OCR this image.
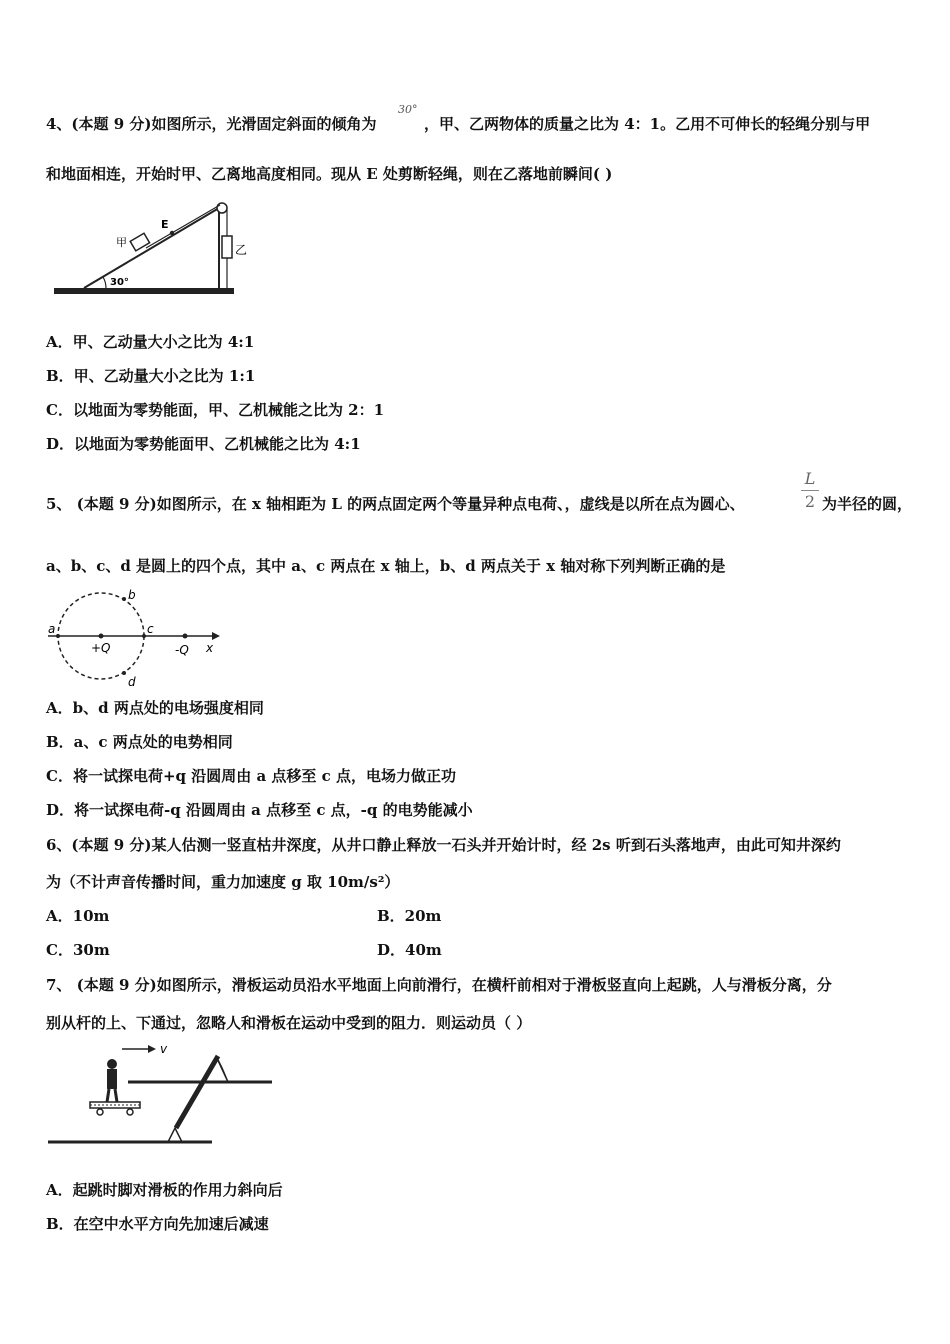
4、(本题 9 分)如图所示，光滑固定斜面的倾角为
30°
，甲、乙两物体的质量之比为 4：1。乙用不可伸长的轻绳分别与甲
和地面相连，开始时甲、乙离地高度相同。现从 E 处剪断轻绳，则在乙落地前瞬间( )
乙
甲
E
30°
A．甲、乙动量大小之比为 4:1
B．甲、乙动量大小之比为 1:1
C．以地面为零势能面，甲、乙机械能之比为 2：1
D．以地面为零势能面甲、乙机械能之比为 4:1
5、 (本题 9 分)如图所示，在 x 轴相距为 L 的两点固定两个等量异种点电荷、，虚线是以所在点为圆心、
L
2 为半径的圆，
a、b、c、d 是圆上的四个点，其中 a、c 两点在 x 轴上，b、d 两点关于 x 轴对称下列判断正确的是
a
b
c
d
+Q	-Q x
A．b、d 两点处的电场强度相同
B．a、c 两点处的电势相同
C．将一试探电荷+q 沿圆周由 a 点移至 c 点，电场力做正功
D．将一试探电荷-q 沿圆周由 a 点移至 c 点，-q 的电势能减小
6、(本题 9 分)某人估测一竖直枯井深度，从井口静止释放一石头并开始计时，经 2s 听到石头落地声，由此可知井深约
为（不计声音传播时间，重力加速度 g 取 10m/s²）
A．10m	B．20m
C．30m	D．40m
7、 (本题 9 分)如图所示，滑板运动员沿水平地面上向前滑行，在横杆前相对于滑板竖直向上起跳，人与滑板分离，分
别从杆的上、下通过，忽略人和滑板在运动中受到的阻力．则运动员（ ）
v
A．起跳时脚对滑板的作用力斜向后
B．在空中水平方向先加速后减速
